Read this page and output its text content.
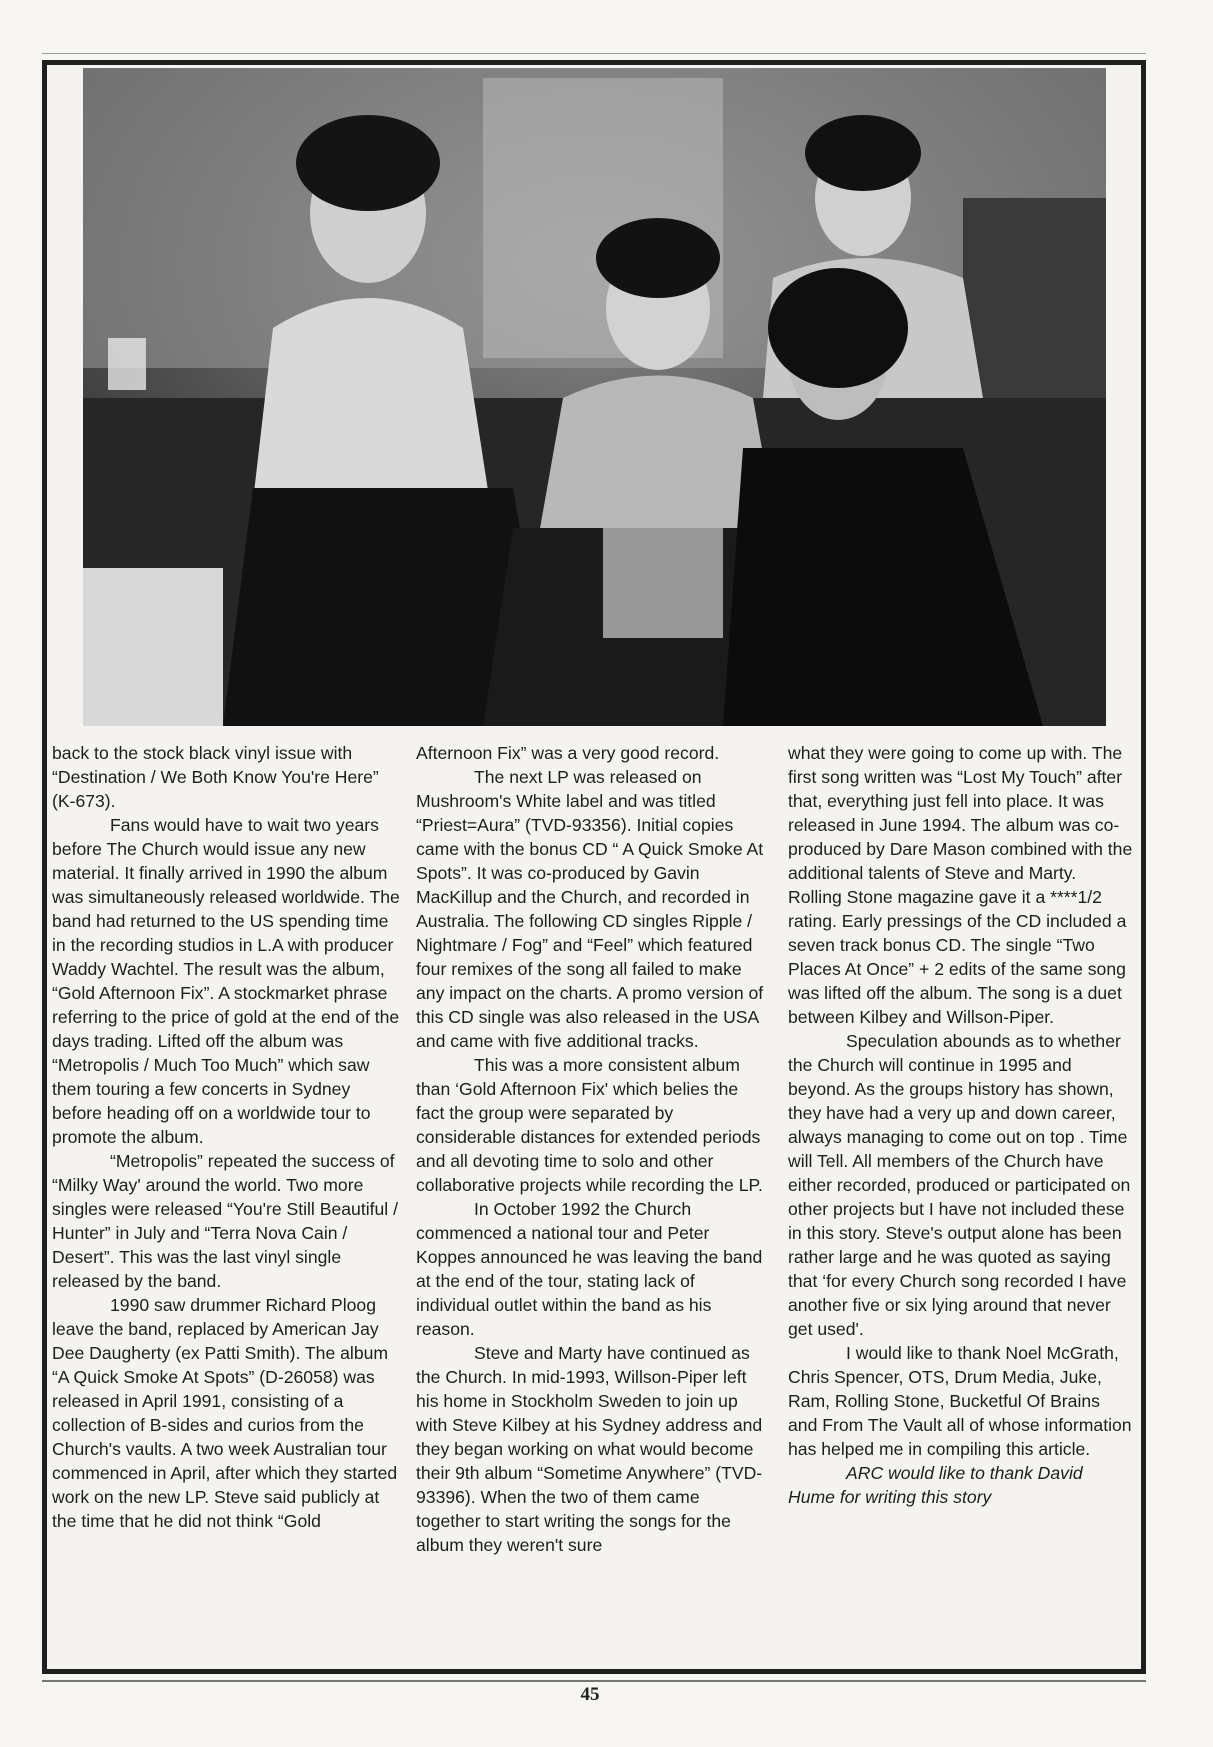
back to the stock black vinyl issue with “Destination / We Both Know You're Here” (K-673).

Fans would have to wait two years before The Church would issue any new material. It finally arrived in 1990 the album was simultaneously released worldwide. The band had returned to the US spending time in the recording studios in L.A with producer Waddy Wachtel. The result was the album, “Gold Afternoon Fix”. A stockmarket phrase referring to the price of gold at the end of the days trading. Lifted off the album was “Metropolis / Much Too Much” which saw them touring a few concerts in Sydney before heading off on a worldwide tour to promote the album.

“Metropolis” repeated the success of “Milky Way' around the world. Two more singles were released “You're Still Beautiful / Hunter” in July and “Terra Nova Cain / Desert”. This was the last vinyl single released by the band.

1990 saw drummer Richard Ploog leave the band, replaced by American Jay Dee Daugherty (ex Patti Smith). The album “A Quick Smoke At Spots” (D-26058) was released in April 1991, consisting of a collection of B-sides and curios from the Church's vaults. A two week Australian tour commenced in April, after which they started work on the new LP. Steve said publicly at the time that he did not think “Gold

Afternoon Fix” was a very good record.

The next LP was released on Mushroom's White label and was titled “Priest=Aura” (TVD-93356). Initial copies came with the bonus CD “ A Quick Smoke At Spots”. It was co-produced by Gavin MacKillup and the Church, and recorded in Australia. The following CD singles Ripple / Nightmare / Fog” and “Feel” which featured four remixes of the song all failed to make any impact on the charts. A promo version of this CD single was also released in the USA and came with five additional tracks.

This was a more consistent album than ‘Gold Afternoon Fix' which belies the fact the group were separated by considerable distances for extended periods and all devoting time to solo and other collaborative projects while recording the LP.

In October 1992 the Church commenced a national tour and Peter Koppes announced he was leaving the band at the end of the tour, stating lack of individual outlet within the band as his reason.

Steve and Marty have continued as the Church. In mid-1993, Willson-Piper left his home in Stockholm Sweden to join up with Steve Kilbey at his Sydney address and they began working on what would become their 9th album “Sometime Anywhere” (TVD-93396). When the two of them came together to start writing the songs for the album they weren't sure

what they were going to come up with. The first song written was “Lost My Touch” after that, everything just fell into place. It was released in June 1994. The album was co-produced by Dare Mason combined with the additional talents of Steve and Marty. Rolling Stone magazine gave it a ****1/2 rating. Early pressings of the CD included a seven track bonus CD. The single “Two Places At Once” + 2 edits of the same song was lifted off the album. The song is a duet between Kilbey and Willson-Piper.

Speculation abounds as to whether the Church will continue in 1995 and beyond. As the groups history has shown, they have had a very up and down career, always managing to come out on top . Time will Tell. All members of the Church have either recorded, produced or participated on other projects but I have not included these in this story. Steve's output alone has been rather large and he was quoted as saying that ‘for every Church song recorded I have another five or six lying around that never get used'.

I would like to thank Noel McGrath, Chris Spencer, OTS, Drum Media, Juke, Ram, Rolling Stone, Bucketful Of Brains and From The Vault all of whose information has helped me in compiling this article.

ARC would like to thank David Hume for writing this story

45
